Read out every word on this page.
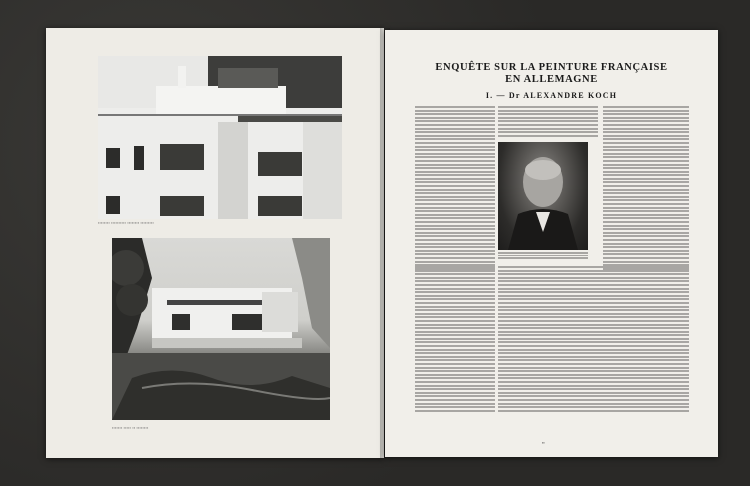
▪▪▪▪▪▪▪▪ ▪▪▪▪▪▪▪▪▪▪ ▪▪▪▪▪▪▪▪ ▪▪▪▪▪▪▪▪▪
▪▪▪▪▪▪▪ ▪▪▪▪▪ ▪▪ ▪▪▪▪▪▪▪▪
ENQUÊTE SUR LA PEINTURE FRANÇAISE
EN ALLEMAGNE
I. — Dr ALEXANDRE KOCH
▪▪
